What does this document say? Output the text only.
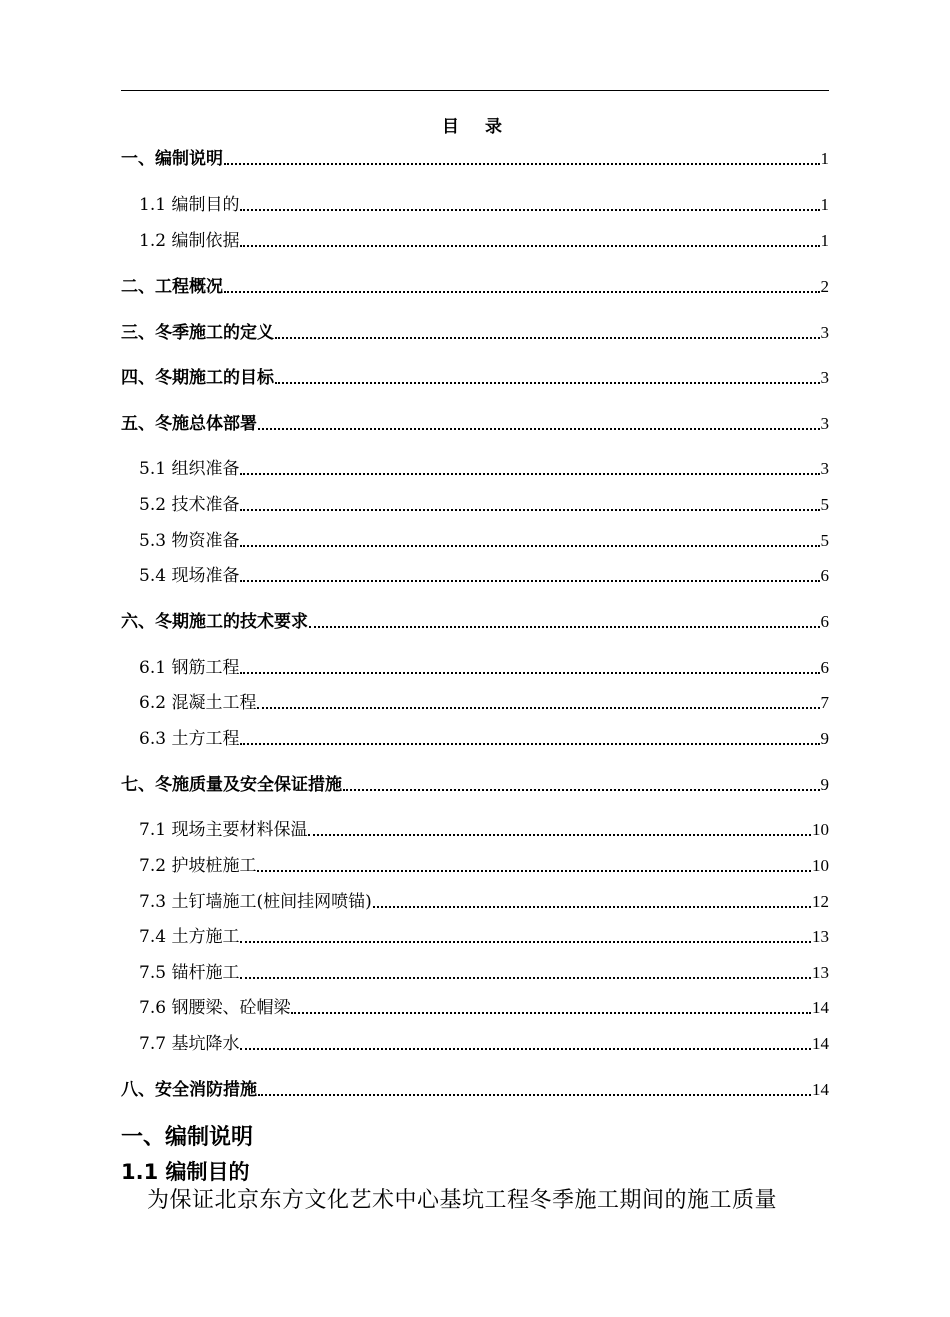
目 录
一、编制说明	1
1.1 编制目的	1
1.2 编制依据	1
二、工程概况	2
三、冬季施工的定义	3
四、冬期施工的目标	3
五、冬施总体部署	3
5.1 组织准备	3
5.2 技术准备	5
5.3 物资准备	5
5.4 现场准备	6
六、冬期施工的技术要求	6
6.1 钢筋工程	6
6.2 混凝土工程	7
6.3 土方工程	9
七、冬施质量及安全保证措施	9
7.1 现场主要材料保温	10
7.2 护坡桩施工	10
7.3 土钉墙施工(桩间挂网喷锚)	12
7.4 土方施工	13
7.5 锚杆施工	13
7.6 钢腰梁、砼帽梁	14
7.7 基坑降水	14
八、安全消防措施	14
一、编制说明
1.1 编制目的
为保证北京东方文化艺术中心基坑工程冬季施工期间的施工质量
